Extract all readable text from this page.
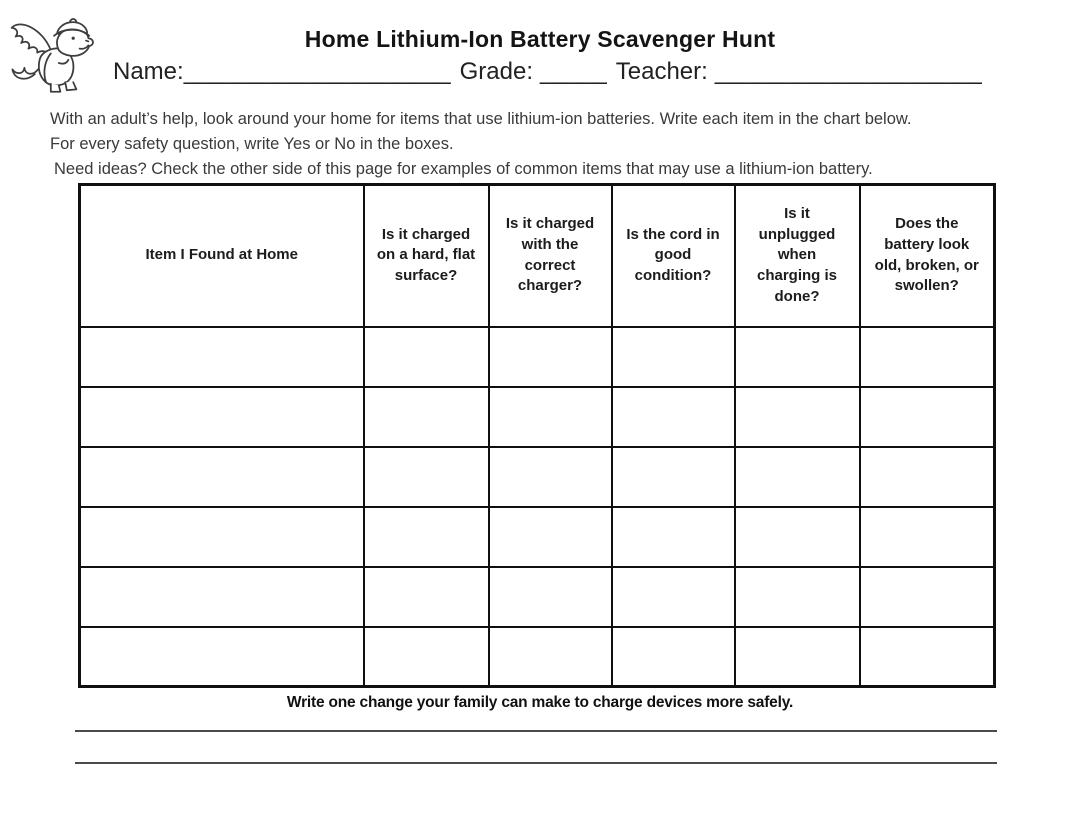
Home Lithium-Ion Battery Scavenger Hunt
Name:____________________ Grade: _____ Teacher: ____________________
With an adult’s help, look around your home for items that use lithium-ion batteries. Write each item in the chart below.
For every safety question, write Yes or No in the boxes.
Need ideas? Check the other side of this page for examples of common items that may use a lithium-ion battery.
Item I Found at Home	Is it charged on a hard, flat surface?	Is it charged with the correct charger?	Is the cord in good condition?	Is it unplugged when charging is done?	Does the battery look old, broken, or swollen?

Write one change your family can make to charge devices more safely.
